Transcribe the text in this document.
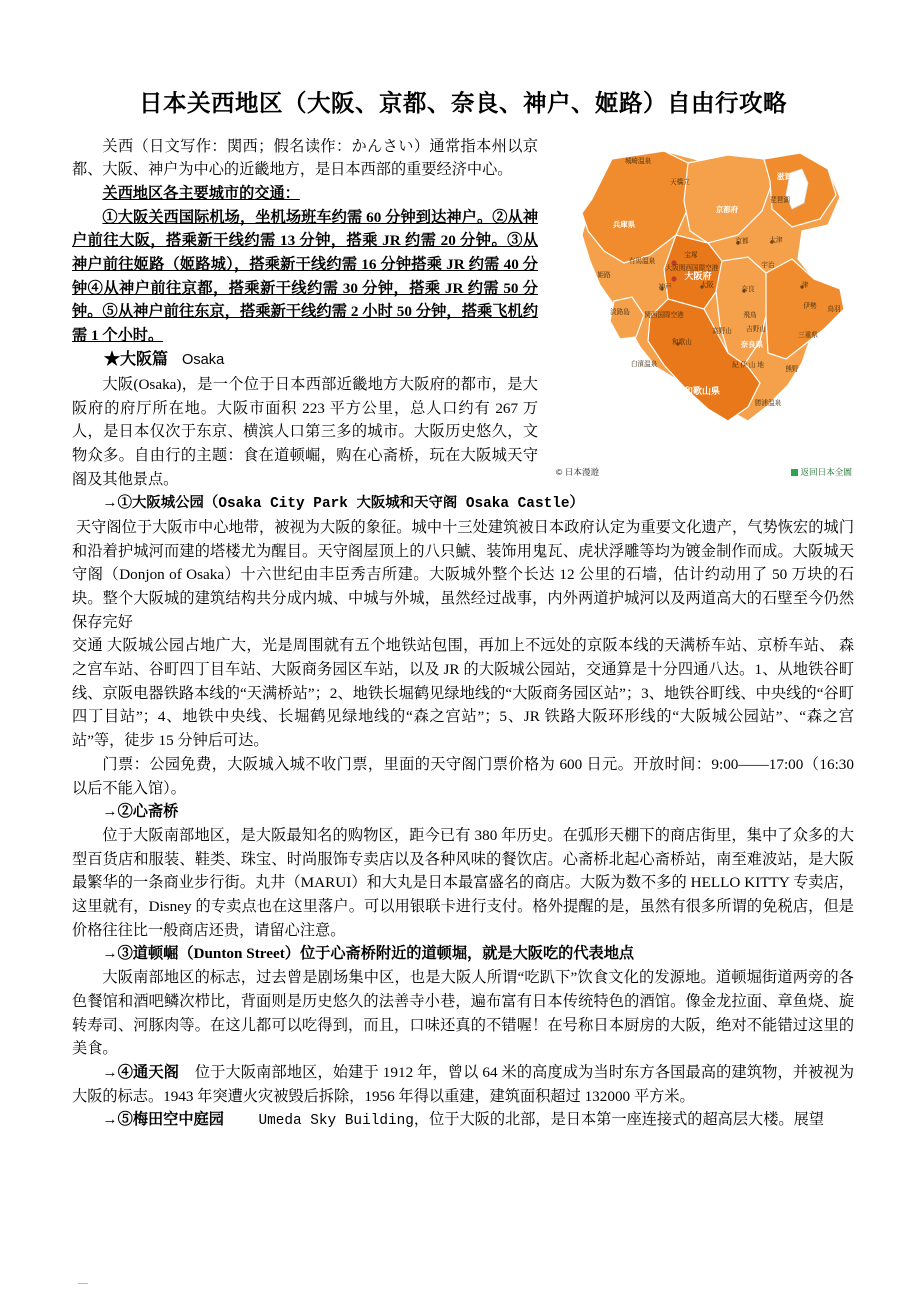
日本关西地区（大阪、京都、奈良、神户、姬路）自由行攻略
城崎温泉
天橋立
琵琶湖
京都府
滋賀県
兵庫県
京都	大津
有馬温泉
宝塚
大阪関西国際空港	宇治
姫路
神戸	大阪
奈良
津
大阪府
淡路島 関西国際空港	飛鳥
伊勢 鳥羽
高野山 吉野山
和歌山
三重県
奈良県
白濱温泉	紀 伊 山 地
熊野
和歌山県
勝浦温泉
© 日本漫遊	返回日本全圖

关西（日文写作：関西；假名读作：かんさい）通常指本州以京都、大阪、神户为中心的近畿地方，是日本西部的重要经济中心。

关西地区各主要城市的交通：

①大阪关西国际机场，坐机场班车约需 60 分钟到达神户。②从神户前往大阪，搭乘新干线约需 13 分钟，搭乘 JR 约需 20 分钟。③从神户前往姬路（姬路城），搭乘新干线约需 16 分钟搭乘 JR 约需 40 分钟④从神户前往京都，搭乘新干线约需 30 分钟，搭乘 JR 约需 50 分钟。⑤从神户前往东京，搭乘新干线约需 2 小时 50 分钟，搭乘飞机约需 1 个小时。

★大阪篇 Osaka

大阪(Osaka)，是一个位于日本西部近畿地方大阪府的都市，是大阪府的府厅所在地。大阪市面积 223 平方公里，总人口约有 267 万人，是日本仅次于东京、横滨人口第三多的城市。大阪历史悠久，文物众多。自由行的主题：食在道顿崛，购在心斋桥，玩在大阪城天守阁及其他景点。

→①大阪城公园（Osaka City Park 大阪城和天守阁 Osaka Castle）

天守阁位于大阪市中心地带，被视为大阪的象征。城中十三处建筑被日本政府认定为重要文化遗产，气势恢宏的城门和沿着护城河而建的塔楼尤为醒目。天守阁屋顶上的八只鯱、装饰用鬼瓦、虎状浮雕等均为镀金制作而成。大阪城天守阁（Donjon of Osaka）十六世纪由丰臣秀吉所建。大阪城外整个长达 12 公里的石墙，估计约动用了 50 万块的石块。整个大阪城的建筑结构共分成内城、中城与外城，虽然经过战事，内外两道护城河以及两道高大的石壁至今仍然保存完好

交通 大阪城公园占地广大，光是周围就有五个地铁站包围，再加上不远处的京阪本线的天满桥车站、京桥车站、 森之宫车站、谷町四丁目车站、大阪商务园区车站，以及 JR 的大阪城公园站，交通算是十分四通八达。1、从地铁谷町线、京阪电器铁路本线的“天满桥站”；2、地铁长堀鹤见绿地线的“大阪商务园区站”；3、地铁谷町线、中央线的“谷町四丁目站”；4、地铁中央线、长堀鹤见绿地线的“森之宫站”；5、JR 铁路大阪环形线的“大阪城公园站”、“森之宫站”等，徒步 15 分钟后可达。

门票：公园免费，大阪城入城不收门票，里面的天守阁门票价格为 600 日元。开放时间：9:00——17:00（16:30 以后不能入馆）。

→②心斋桥

位于大阪南部地区，是大阪最知名的购物区，距今已有 380 年历史。在弧形天棚下的商店街里，集中了众多的大型百货店和服装、鞋类、珠宝、时尚服饰专卖店以及各种风味的餐饮店。心斋桥北起心斋桥站，南至难波站，是大阪最繁华的一条商业步行街。丸井（MARUI）和大丸是日本最富盛名的商店。大阪为数不多的 HELLO KITTY 专卖店，这里就有，Disney 的专卖点也在这里落户。可以用银联卡进行支付。格外提醒的是，虽然有很多所谓的免税店，但是价格往往比一般商店还贵，请留心注意。

→③道顿崛（Dunton Street）位于心斋桥附近的道顿堀，就是大阪吃的代表地点

大阪南部地区的标志，过去曾是剧场集中区，也是大阪人所谓“吃趴下”饮食文化的发源地。道顿堀街道两旁的各色餐馆和酒吧鳞次栉比，背面则是历史悠久的法善寺小巷，遍布富有日本传统特色的酒馆。像金龙拉面、章鱼烧、旋转寿司、河豚肉等。在这儿都可以吃得到，而且，口味还真的不错喔！在号称日本厨房的大阪，绝对不能错过这里的美食。

→④通天阁 位于大阪南部地区，始建于 1912 年，曾以 64 米的高度成为当时东方各国最高的建筑物，并被视为大阪的标志。1943 年突遭火灾被毁后拆除，1956 年得以重建，建筑面积超过 132000 平方米。

→⑤梅田空中庭园 Umeda Sky Building，位于大阪的北部，是日本第一座连接式的超高层大楼。展望
